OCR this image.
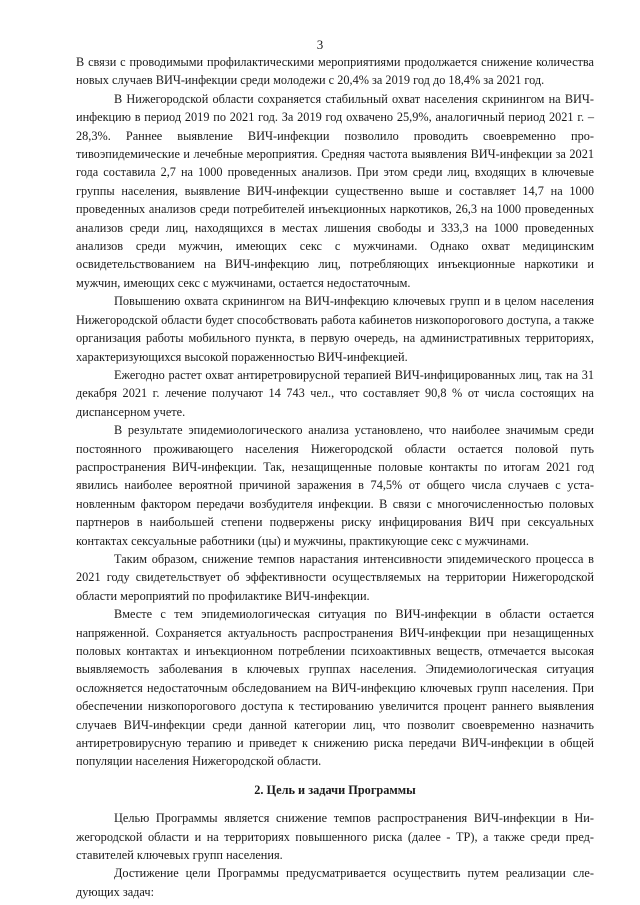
3

В связи с проводимыми профилактическими мероприятиями продолжается снижение количества новых случаев ВИЧ-инфекции среди молодежи с 20,4% за 2019 год до 18,4% за 2021 год.

В Нижегородской области сохраняется стабильный охват населения скринингом на ВИЧ-инфекцию в период 2019 по 2021 год. За 2019 год охвачено 25,9%, аналогичный период 2021 г. – 28,3%. Раннее выявление ВИЧ-инфекции позволило проводить своевременно противоэпидемические и лечебные мероприятия. Средняя частота выявления ВИЧ-инфекции за 2021 года составила 2,7 на 1000 проведенных анализов. При этом среди лиц, входящих в ключевые группы населения, выявление ВИЧ-инфекции существенно выше и составляет 14,7 на 1000 проведенных анализов среди потребителей инъекционных наркотиков, 26,3 на 1000 проведенных анализов среди лиц, находящихся в местах лишения свободы и 333,3 на 1000 проведенных анализов среди мужчин, имеющих секс с мужчинами. Однако охват медицинским освидетельствованием на ВИЧ-инфекцию лиц, потребляющих инъекционные наркотики и мужчин, имеющих секс с мужчинами, остается недостаточным.

Повышению охвата скринингом на ВИЧ-инфекцию ключевых групп и в целом населения Нижегородской области будет способствовать работа кабинетов низкопорогового доступа, а также организация работы мобильного пункта, в первую очередь, на административных территориях, характеризующихся высокой пораженностью ВИЧ-инфекцией.

Ежегодно растет охват антиретровирусной терапией ВИЧ-инфицированных лиц, так на 31 декабря 2021 г. лечение получают 14 743 чел., что составляет 90,8 % от числа состоящих на диспансерном учете.

В результате эпидемиологического анализа установлено, что наиболее значимым среди постоянного проживающего населения Нижегородской области остается половой путь распространения ВИЧ-инфекции. Так, незащищенные половые контакты по итогам 2021 год явились наиболее вероятной причиной заражения в 74,5% от общего числа случаев с установленным фактором передачи возбудителя инфекции. В связи с многочисленностью половых партнеров в наибольшей степени подвержены риску инфицирования ВИЧ при сексуальных контактах сексуальные работники (цы) и мужчины, практикующие секс с мужчинами.

Таким образом, снижение темпов нарастания интенсивности эпидемического процесса в 2021 году свидетельствует об эффективности осуществляемых на территории Нижегородской области мероприятий по профилактике ВИЧ-инфекции.

Вместе с тем эпидемиологическая ситуация по ВИЧ-инфекции в области остается напряженной. Сохраняется актуальность распространения ВИЧ-инфекции при незащищенных половых контактах и инъекционном потреблении психоактивных веществ, отмечается высокая выявляемость заболевания в ключевых группах населения. Эпидемиологическая ситуация осложняется недостаточным обследованием на ВИЧ-инфекцию ключевых групп населения. При обеспечении низкопорогового доступа к тестированию увеличится процент раннего выявления случаев ВИЧ-инфекции среди данной категории лиц, что позволит своевременно назначить антиретровирусную терапию и приведет к снижению риска передачи ВИЧ-инфекции в общей популяции населения Нижегородской области.

2. Цель и задачи Программы

Целью Программы является снижение темпов распространения ВИЧ-инфекции в Нижегородской области и на территориях повышенного риска (далее - ТР), а также среди представителей ключевых групп населения.

Достижение цели Программы предусматривается осуществить путем реализации следующих задач:
